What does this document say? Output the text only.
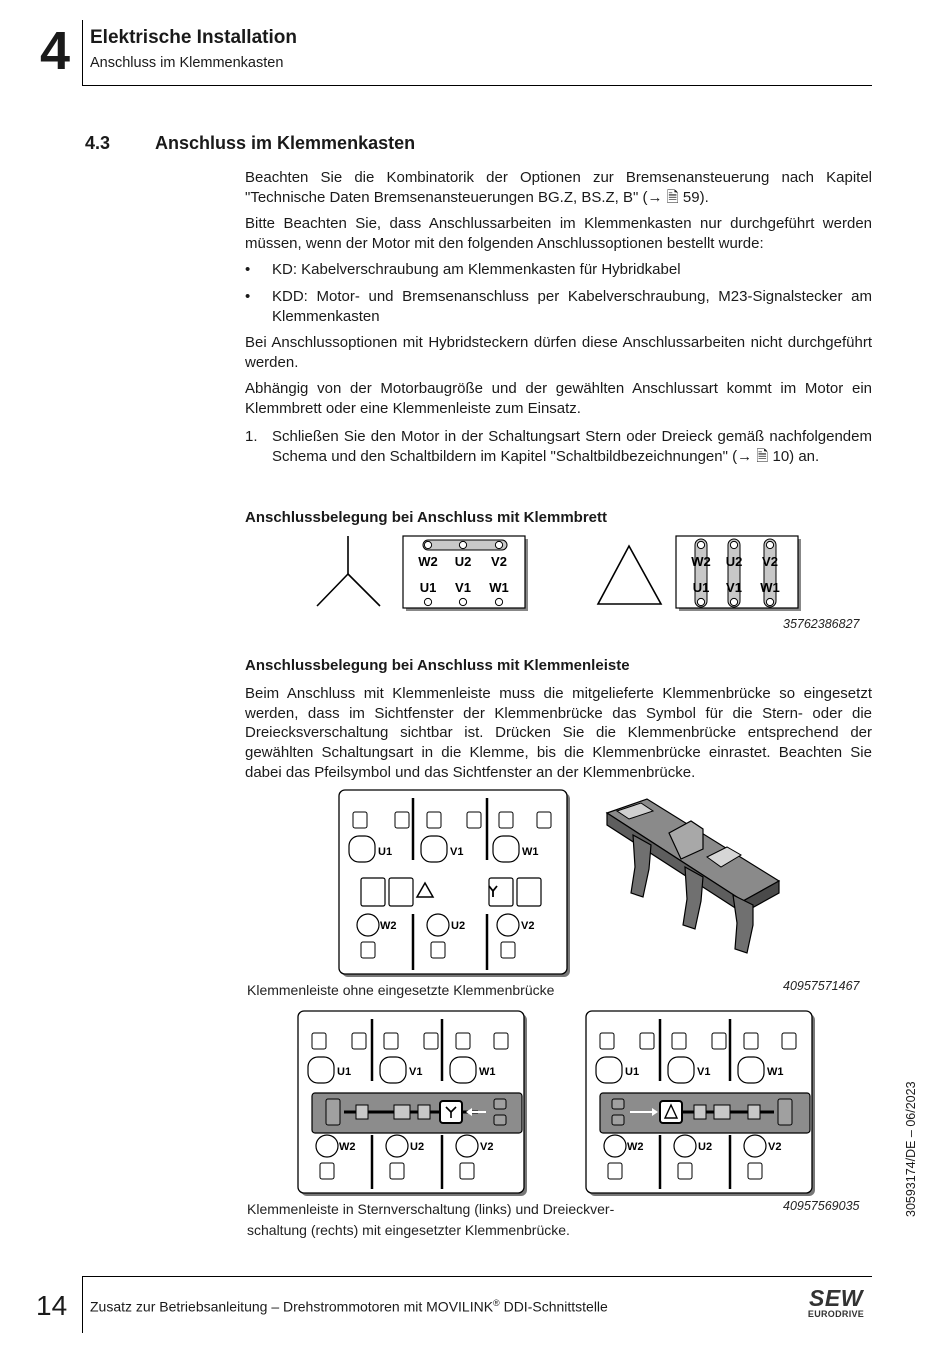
4 Elektrische Installation
Anschluss im Klemmenkasten
4.3 Anschluss im Klemmenkasten
Beachten Sie die Kombinatorik der Optionen zur Bremsenansteuerung nach Kapitel "Technische Daten Bremsenansteuerungen BG.Z, BS.Z, B" (→ 🗎 59).
Bitte Beachten Sie, dass Anschlussarbeiten im Klemmenkasten nur durchgeführt werden müssen, wenn der Motor mit den folgenden Anschlussoptionen bestellt wurde:
• KD: Kabelverschraubung am Klemmenkasten für Hybridkabel
• KDD: Motor- und Bremsenanschluss per Kabelverschraubung, M23-Signalstecker am Klemmenkasten
Bei Anschlussoptionen mit Hybridsteckern dürfen diese Anschlussarbeiten nicht durchgeführt werden.
Abhängig von der Motorbaugröße und der gewählten Anschlussart kommt im Motor ein Klemmbrett oder eine Klemmenleiste zum Einsatz.
1. Schließen Sie den Motor in der Schaltungsart Stern oder Dreieck gemäß nachfolgendem Schema und den Schaltbildern im Kapitel "Schaltbildbezeichnungen" (→ 🗎 10) an.
Anschlussbelegung bei Anschluss mit Klemmbrett
W2 U2 V2
U1 V1 W1
W2 U2 V2
U1 V1 W1
35762386827
Anschlussbelegung bei Anschluss mit Klemmenleiste
Beim Anschluss mit Klemmenleiste muss die mitgelieferte Klemmenbrücke so eingesetzt werden, dass im Sichtfenster der Klemmenbrücke das Symbol für die Stern- oder die Dreiecksverschaltung sichtbar ist. Drücken Sie die Klemmenbrücke entsprechend der gewählten Schaltungsart in die Klemme, bis die Klemmenbrücke einrastet. Beachten Sie dabei das Pfeilsymbol und das Sichtfenster an der Klemmenbrücke.
U1	V1	W1
W2	U2	V2
Klemmenleiste ohne eingesetzte Klemmenbrücke	40957571467
U1	V1	W1
W2	U2	V2
U1	V1	W1
W2	U2	V2
Klemmenleiste in Sternverschaltung (links) und Dreieckver-
schaltung (rechts) mit eingesetzter Klemmenbrücke.
40957569035	30593174/DE – 06/2023
14 Zusatz zur Betriebsanleitung – Drehstrommotoren mit MOVILINK® DDI-Schnittstelle	SEW
EURODRIVE
